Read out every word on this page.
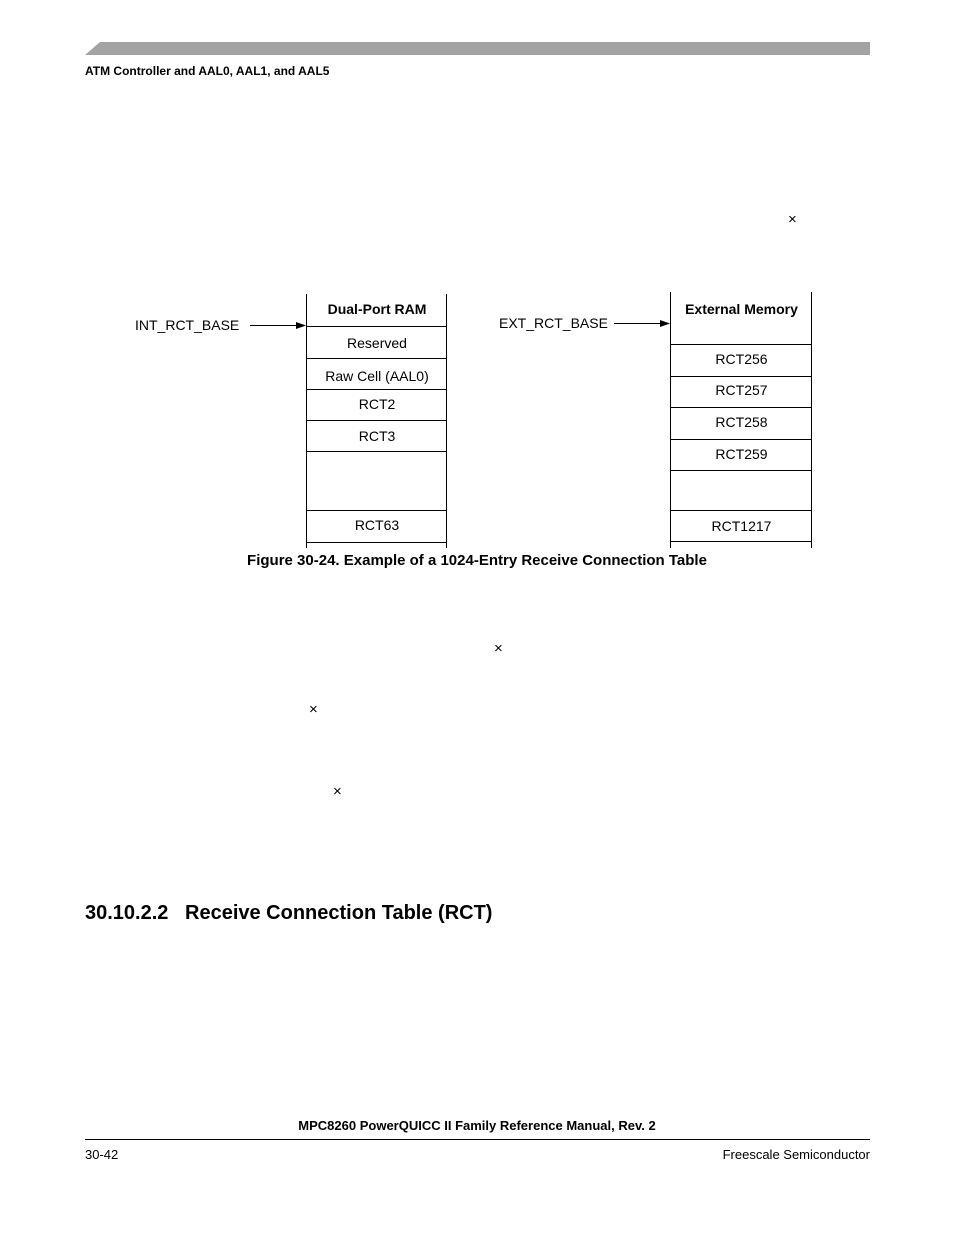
ATM Controller and AAL0, AAL1, and AAL5
×
×
×
×
INT_RCT_BASE	EXT_RCT_BASE
Dual-Port RAM
Reserved
Raw Cell (AAL0)
RCT2
RCT3
RCT63
External Memory
RCT256
RCT257
RCT258
RCT259
RCT1217
Figure 30-24. Example of a 1024-Entry Receive Connection Table
30.10.2.2 Receive Connection Table (RCT)
MPC8260 PowerQUICC II Family Reference Manual, Rev. 2
30-42	Freescale Semiconductor
